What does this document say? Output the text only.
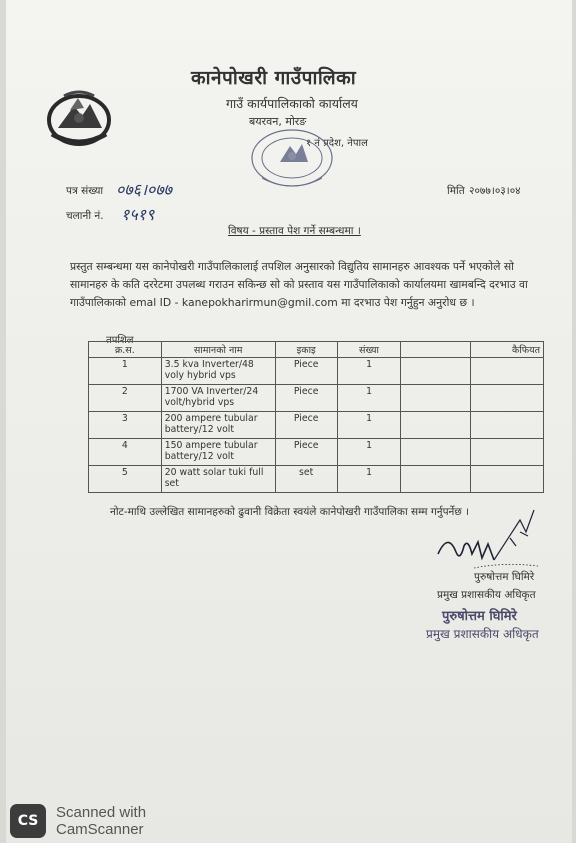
कानेपोखरी गाउँपालिका
गाउँ कार्यपालिकाको कार्यालय
बयरवन, मोरङ
१ नं प्रदेश, नेपाल
पत्र संख्या ०७६।०७७
चलानी नं. १५१९
मिति २०७७।०३।०४
विषय - प्रस्ताव पेश गर्ने सम्बन्धमा ।
प्रस्तुत सम्बन्धमा यस कानेपोखरी गाउँपालिकालाई तपशिल अनुसारको विद्युतिय सामानहरु आवश्यक पर्ने भएकोले सो सामानहरु के कति दररेटमा उपलब्ध गराउन सकिन्छ सो को प्रस्ताव यस गाउँपालिकाको कार्यालयमा खामबन्दि दरभाउ वा गाउँपालिकाको emal ID - kanepokharirmun@gmil.com मा दरभाउ पेश गर्नुहुन अनुरोध छ ।
तपशिल
क्र.स.	सामानको नाम	इकाइ	संख्या		कैफियत
1	3.5 kva Inverter/48 voly hybrid vps	Piece	1		
2	1700 VA Inverter/24 volt/hybrid vps	Piece	1		
3	200 ampere tubular battery/12 volt	Piece	1		
4	150 ampere tubular battery/12 volt	Piece	1		
5	20 watt solar tuki full set	set	1		
नोट-माथि उल्लेखित सामानहरुको ढुवानी विक्रेता स्वयंले कानेपोखरी गाउँपालिका सम्म गर्नुपर्नेछ ।
पुरुषोत्तम घिमिरे
प्रमुख प्रशासकीय अधिकृत
पुरुषोत्तम घिमिरे
प्रमुख प्रशासकीय अधिकृत
CS	Scanned with
CamScanner
